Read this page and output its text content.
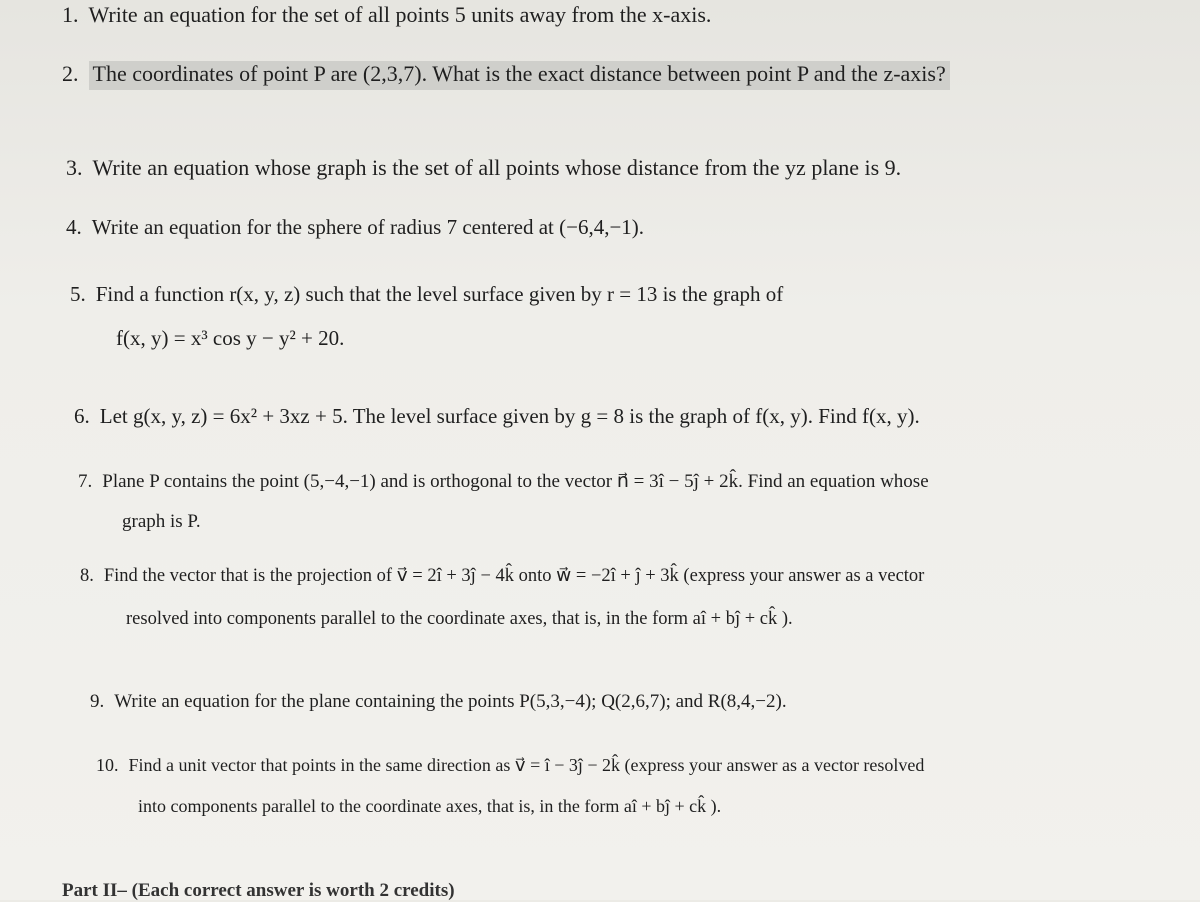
1. Write an equation for the set of all points 5 units away from the x-axis.
2. The coordinates of point P are (2,3,7). What is the exact distance between point P and the z-axis?
3. Write an equation whose graph is the set of all points whose distance from the yz plane is 9.
4. Write an equation for the sphere of radius 7 centered at (−6,4,−1).
5. Find a function r(x, y, z) such that the level surface given by r = 13 is the graph of
f(x, y) = x³ cos y − y² + 20.
6. Let g(x, y, z) = 6x² + 3xz + 5. The level surface given by g = 8 is the graph of f(x, y). Find f(x, y).
7. Plane P contains the point (5,−4,−1) and is orthogonal to the vector n⃗ = 3î − 5ĵ + 2k̂. Find an equation whose
graph is P.
8. Find the vector that is the projection of v⃗ = 2î + 3ĵ − 4k̂ onto w⃗ = −2î + ĵ + 3k̂ (express your answer as a vector
resolved into components parallel to the coordinate axes, that is, in the form aî + bĵ + ck̂ ).
9. Write an equation for the plane containing the points P(5,3,−4); Q(2,6,7); and R(8,4,−2).
10. Find a unit vector that points in the same direction as v⃗ = î − 3ĵ − 2k̂ (express your answer as a vector resolved
into components parallel to the coordinate axes, that is, in the form aî + bĵ + ck̂ ).
Part II– (Each correct answer is worth 2 credits)
